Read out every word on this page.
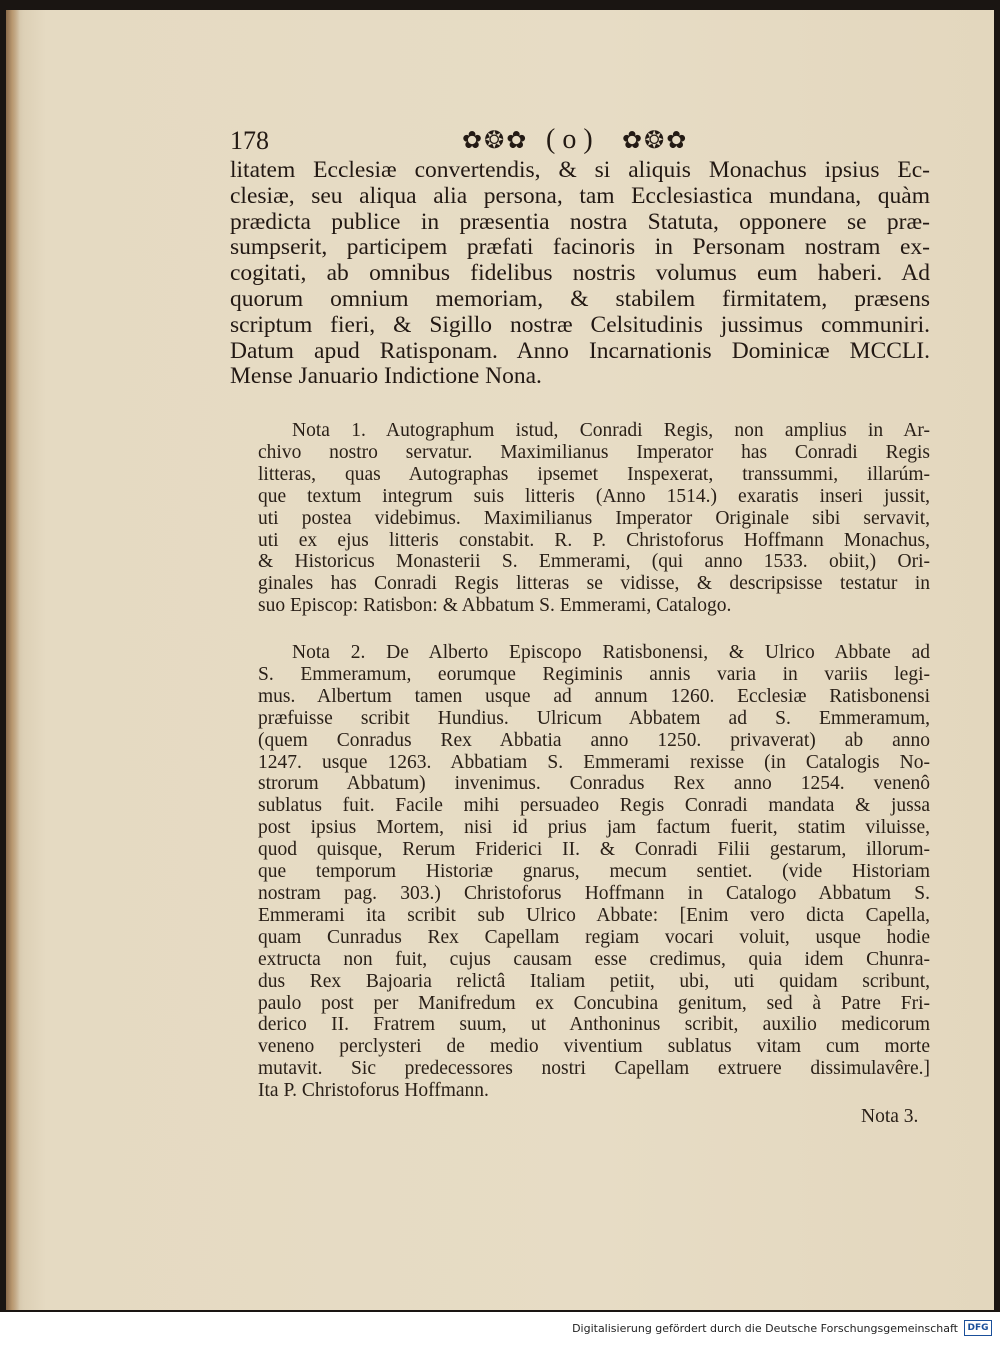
178	✿❂✿ ( o ) ✿❂✿
litatem Ecclesiæ convertendis, & si aliquis Monachus ipsius Ec-
clesiæ, seu aliqua alia persona, tam Ecclesiastica mundana, quàm
prædicta publice in præsentia nostra Statuta, opponere se præ-
sumpserit, participem præfati facinoris in Personam nostram ex-
cogitati, ab omnibus fidelibus nostris volumus eum haberi. Ad
quorum omnium memoriam, & stabilem firmitatem, præsens
scriptum fieri, & Sigillo nostræ Celsitudinis jussimus communiri.
Datum apud Ratisponam. Anno Incarnationis Dominicæ MCCLI.
Mense Januario Indictione Nona.
Nota 1. Autographum istud, Conradi Regis, non amplius in Ar-
chivo nostro servatur. Maximilianus Imperator has Conradi Regis
litteras, quas Autographas ipsemet Inspexerat, transsummi, illarúm-
que textum integrum suis litteris (Anno 1514.) exaratis inseri jussit,
uti postea videbimus. Maximilianus Imperator Originale sibi servavit,
uti ex ejus litteris constabit. R. P. Christoforus Hoffmann Monachus,
& Historicus Monasterii S. Emmerami, (qui anno 1533. obiit,) Ori-
ginales has Conradi Regis litteras se vidisse, & descripsisse testatur in
suo Episcop: Ratisbon: & Abbatum S. Emmerami, Catalogo.
Nota 2. De Alberto Episcopo Ratisbonensi, & Ulrico Abbate ad
S. Emmeramum, eorumque Regiminis annis varia in variis legi-
mus. Albertum tamen usque ad annum 1260. Ecclesiæ Ratisbonensi
præfuisse scribit Hundius. Ulricum Abbatem ad S. Emmeramum,
(quem Conradus Rex Abbatia anno 1250. privaverat) ab anno
1247. usque 1263. Abbatiam S. Emmerami rexisse (in Catalogis No-
strorum Abbatum) invenimus. Conradus Rex anno 1254. venenô
sublatus fuit. Facile mihi persuadeo Regis Conradi mandata & jussa
post ipsius Mortem, nisi id prius jam factum fuerit, statim viluisse,
quod quisque, Rerum Friderici II. & Conradi Filii gestarum, illorum-
que temporum Historiæ gnarus, mecum sentiet. (vide Historiam
nostram pag. 303.) Christoforus Hoffmann in Catalogo Abbatum S.
Emmerami ita scribit sub Ulrico Abbate: [Enim vero dicta Capella,
quam Cunradus Rex Capellam regiam vocari voluit, usque hodie
extructa non fuit, cujus causam esse credimus, quia idem Chunra-
dus Rex Bajoaria relictâ Italiam petiit, ubi, uti quidam scribunt,
paulo post per Manifredum ex Concubina genitum, sed à Patre Fri-
derico II. Fratrem suum, ut Anthoninus scribit, auxilio medicorum
veneno perclysteri de medio viventium sublatus vitam cum morte
mutavit. Sic predecessores nostri Capellam extruere dissimulavêre.]
Ita P. Christoforus Hoffmann.
Nota 3.
Digitalisierung gefördert durch die Deutsche Forschungsgemeinschaft	DFG
